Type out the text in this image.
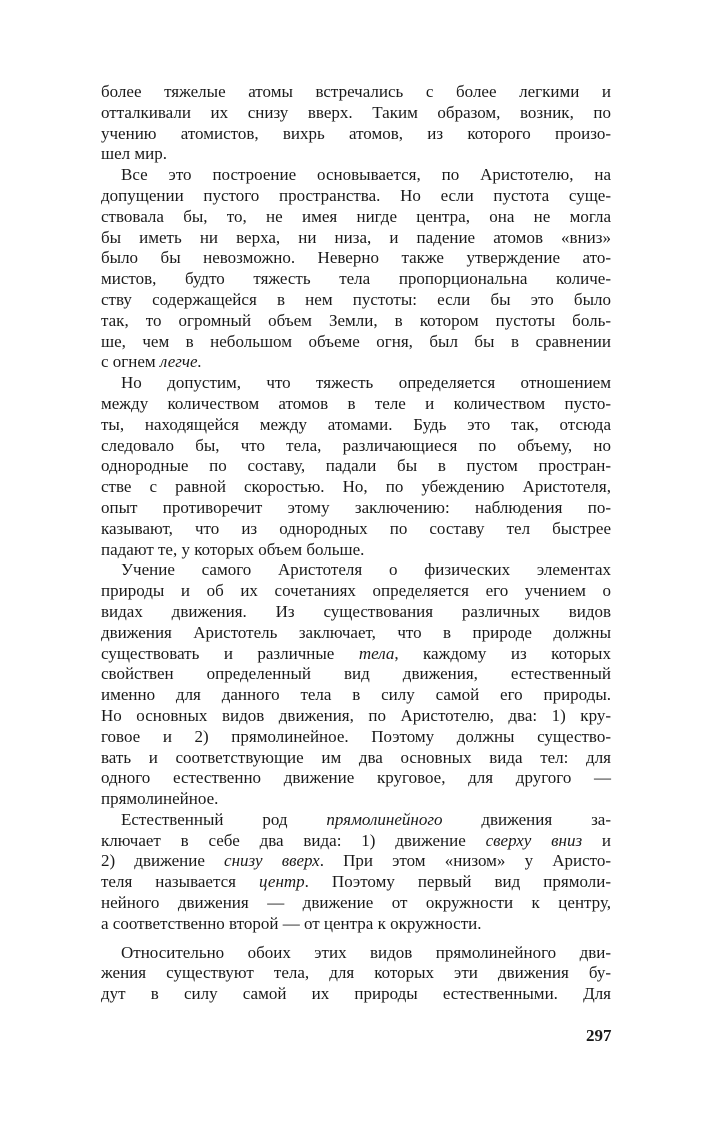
более тяжелые атомы встречались с более легкими и
отталкивали их снизу вверх. Таким образом, возник, по
учению атомистов, вихрь атомов, из которого произо-
шел мир.
Все это построение основывается, по Аристотелю, на
допущении пустого пространства. Но если пустота суще-
ствовала бы, то, не имея нигде центра, она не могла
бы иметь ни верха, ни низа, и падение атомов «вниз»
было бы невозможно. Неверно также утверждение ато-
мистов, будто тяжесть тела пропорциональна количе-
ству содержащейся в нем пустоты: если бы это было
так, то огромный объем Земли, в котором пустоты боль-
ше, чем в небольшом объеме огня, был бы в сравнении
с огнем легче.
Но допустим, что тяжесть определяется отношением
между количеством атомов в теле и количеством пусто-
ты, находящейся между атомами. Будь это так, отсюда
следовало бы, что тела, различающиеся по объему, но
однородные по составу, падали бы в пустом простран-
стве с равной скоростью. Но, по убеждению Аристотеля,
опыт противоречит этому заключению: наблюдения по-
казывают, что из однородных по составу тел быстрее
падают те, у которых объем больше.
Учение самого Аристотеля о физических элементах
природы и об их сочетаниях определяется его учением о
видах движения. Из существования различных видов
движения Аристотель заключает, что в природе должны
существовать и различные тела, каждому из которых
свойствен определенный вид движения, естественный
именно для данного тела в силу самой его природы.
Но основных видов движения, по Аристотелю, два: 1) кру-
говое и 2) прямолинейное. Поэтому должны существо-
вать и соответствующие им два основных вида тел: для
одного естественно движение круговое, для другого —
прямолинейное.
Естественный род прямолинейного движения за-
ключает в себе два вида: 1) движение сверху вниз и
2) движение снизу вверх. При этом «низом» у Аристо-
теля называется центр. Поэтому первый вид прямоли-
нейного движения — движение от окружности к центру,
а соответственно второй — от центра к окружности.
Относительно обоих этих видов прямолинейного дви-
жения существуют тела, для которых эти движения бу-
дут в силу самой их природы естественными. Для
297
